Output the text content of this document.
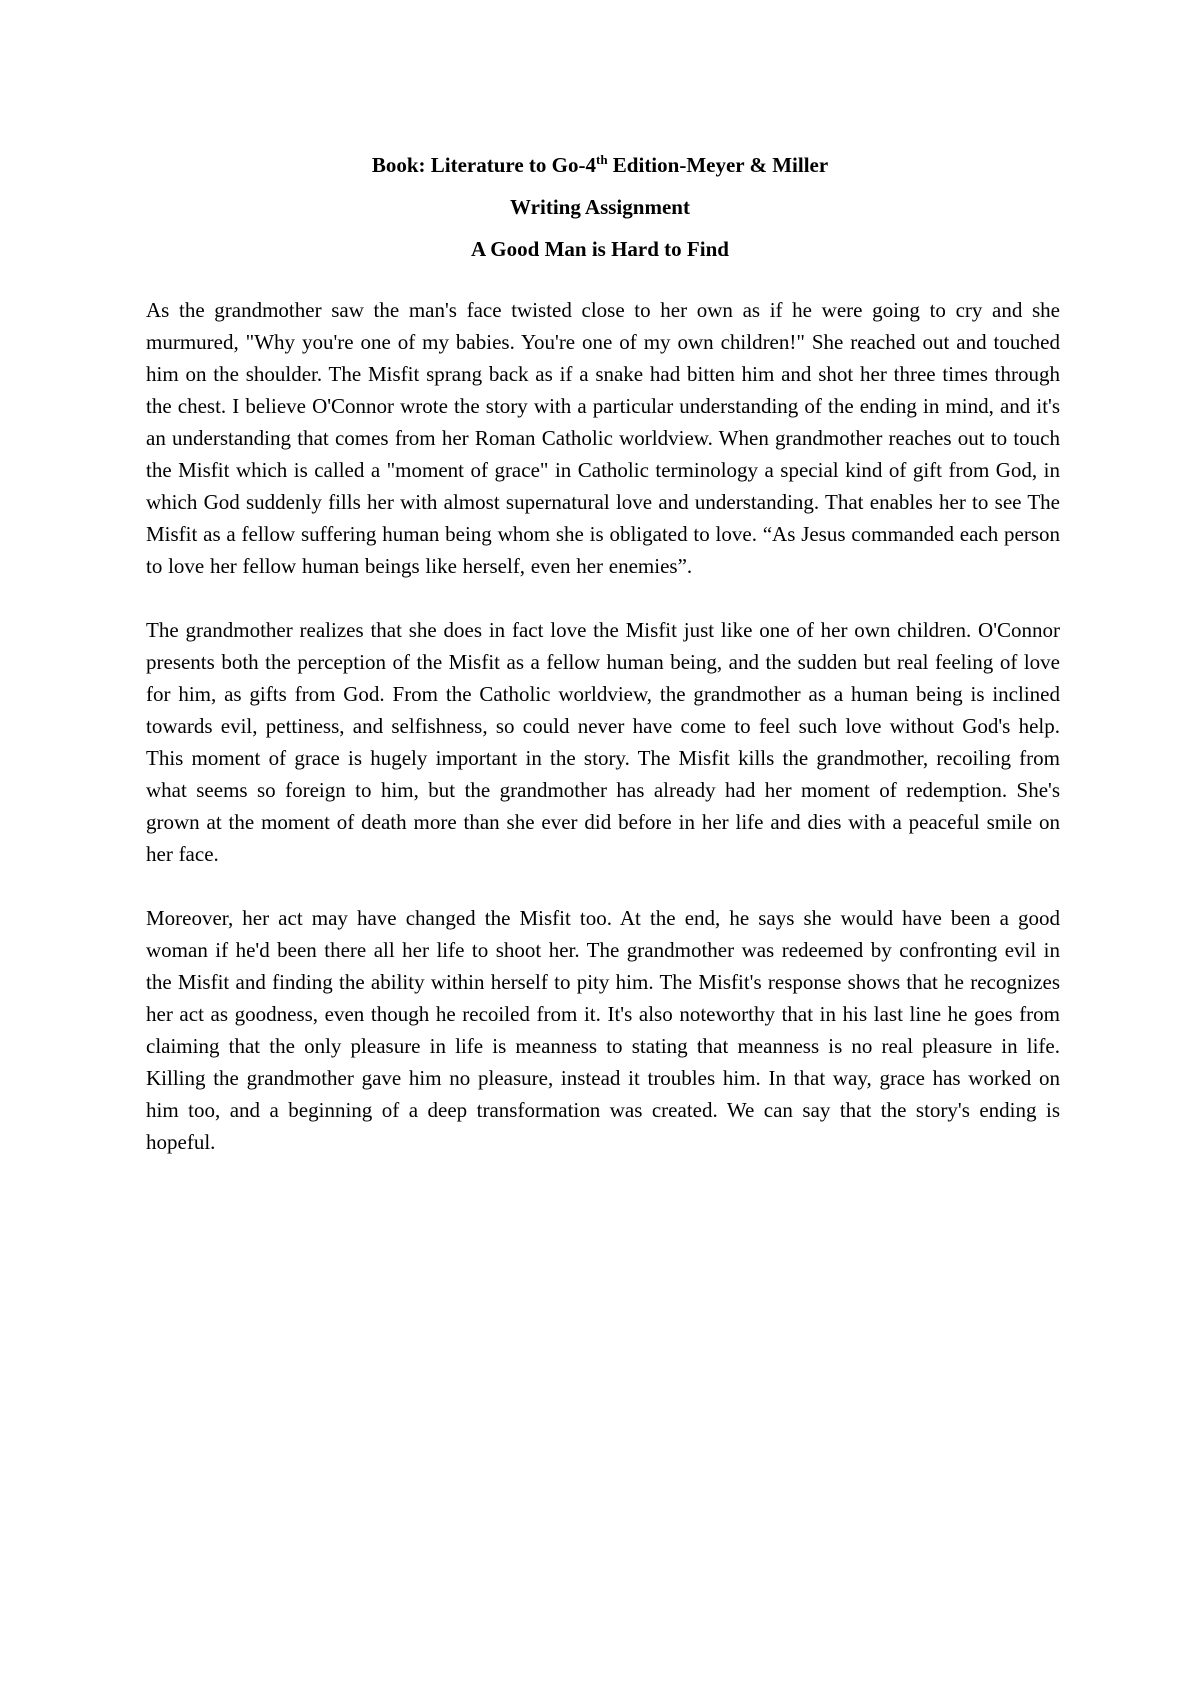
Book: Literature to Go-4th Edition-Meyer & Miller

Writing Assignment

A Good Man is Hard to Find

As the grandmother saw the man's face twisted close to her own as if he were going to cry and she murmured, "Why you're one of my babies. You're one of my own children!" She reached out and touched him on the shoulder. The Misfit sprang back as if a snake had bitten him and shot her three times through the chest. I believe O'Connor wrote the story with a particular understanding of the ending in mind, and it's an understanding that comes from her Roman Catholic worldview. When grandmother reaches out to touch the Misfit which is called a "moment of grace" in Catholic terminology a special kind of gift from God, in which God suddenly fills her with almost supernatural love and understanding. That enables her to see The Misfit as a fellow suffering human being whom she is obligated to love. “As Jesus commanded each person to love her fellow human beings like herself, even her enemies”.

The grandmother realizes that she does in fact love the Misfit just like one of her own children. O'Connor presents both the perception of the Misfit as a fellow human being, and the sudden but real feeling of love for him, as gifts from God. From the Catholic worldview, the grandmother as a human being is inclined towards evil, pettiness, and selfishness, so could never have come to feel such love without God's help. This moment of grace is hugely important in the story. The Misfit kills the grandmother, recoiling from what seems so foreign to him, but the grandmother has already had her moment of redemption. She's grown at the moment of death more than she ever did before in her life and dies with a peaceful smile on her face.

Moreover, her act may have changed the Misfit too. At the end, he says she would have been a good woman if he'd been there all her life to shoot her. The grandmother was redeemed by confronting evil in the Misfit and finding the ability within herself to pity him. The Misfit's response shows that he recognizes her act as goodness, even though he recoiled from it. It's also noteworthy that in his last line he goes from claiming that the only pleasure in life is meanness to stating that meanness is no real pleasure in life. Killing the grandmother gave him no pleasure, instead it troubles him. In that way, grace has worked on him too, and a beginning of a deep transformation was created. We can say that the story's ending is hopeful.
